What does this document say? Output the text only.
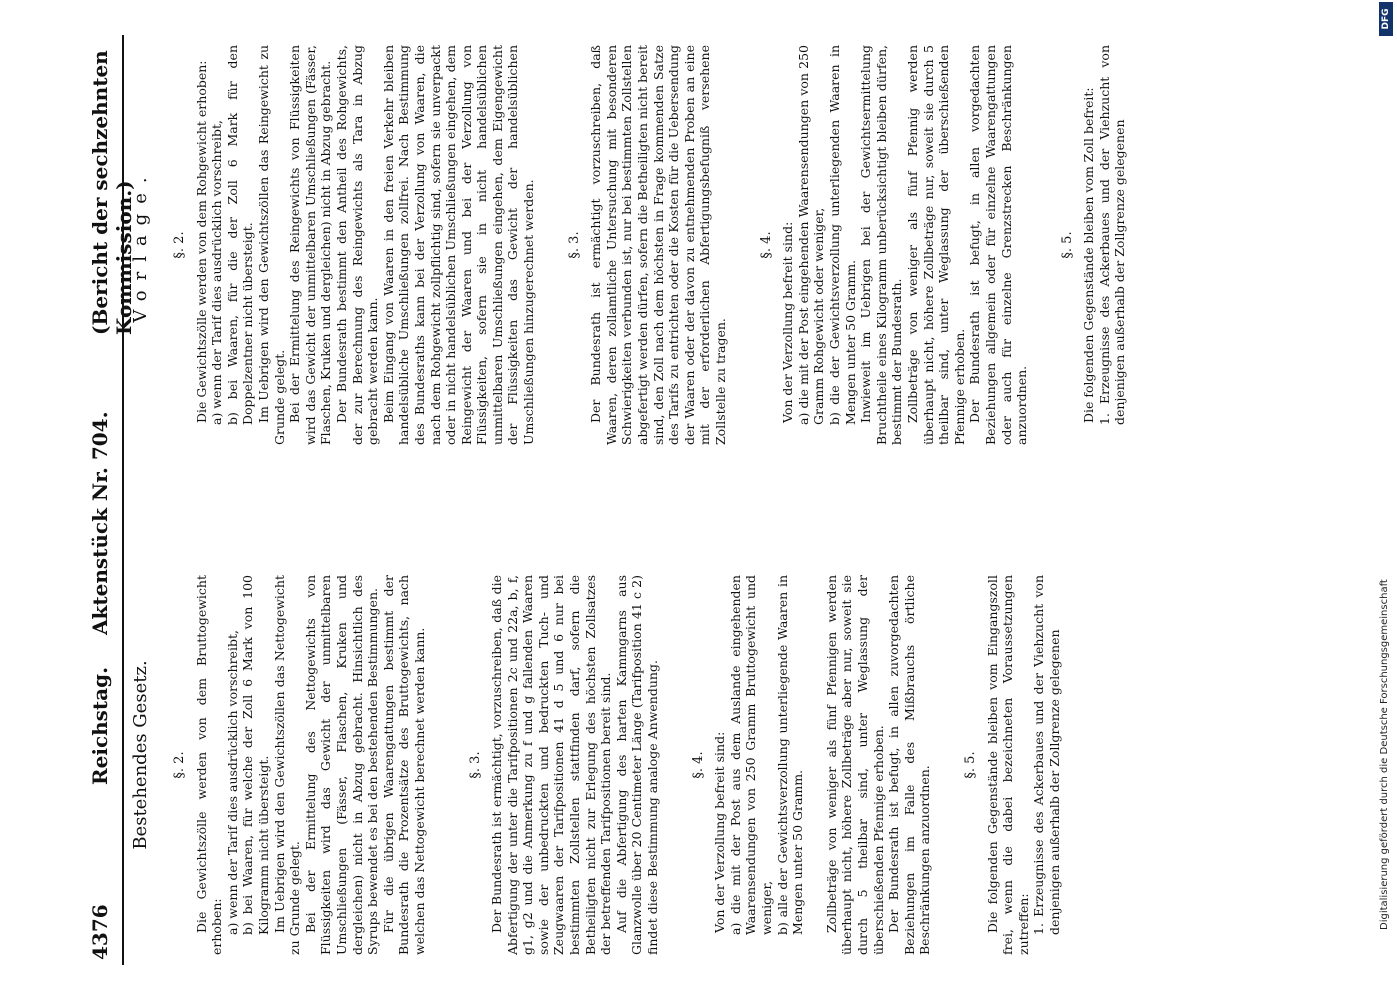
DFG
Digitalisierung gefördert durch die Deutsche Forschungsgemeinschaft
4376
Reichstag.
Aktenstück Nr. 704.
(Bericht der sechzehnten Kommission.)
Bestehendes Gesetz. §. 2. Die Gewichtszölle werden von dem Bruttogewicht erhoben: a) wenn der Tarif dies ausdrücklich vorschreibt, b) bei Waaren, für welche der Zoll 6 Mark von 100 Kilogramm nicht übersteigt. Im Uebrigen wird den Gewichtszöllen das Nettogewicht zu Grunde gelegt. Bei der Ermittelung des Nettogewichts von Flüssigkeiten wird das Gewicht der unmittelbaren Umschließungen (Fässer, Flaschen, Kruken und dergleichen) nicht in Abzug gebracht. Hinsichtlich des Syrups bewendet es bei den bestehenden Bestimmungen. Für die übrigen Waarengattungen bestimmt der Bundesrath die Prozentsätze des Bruttogewichts, nach welchen das Nettogewicht berechnet werden kann.	§. 3. Der Bundesrath ist ermächtigt, vorzuschreiben, daß die Abfertigung der unter die Tarifpositionen 2c und 22a, b, f, g1, g2 und die Anmerkung zu f und g fallenden Waaren sowie der unbedruckten und bedruckten Tuch- und Zeugwaaren der Tarifpositionen 41 d 5 und 6 nur bei bestimmten Zollstellen stattfinden darf, sofern die Betheiligten nicht zur Erlegung des höchsten Zollsatzes der betreffenden Tarifpositionen bereit sind. Auf die Abfertigung des harten Kammgarns aus Glanzwolle über 20 Centimeter Länge (Tarifposition 41 c 2) findet diese Bestimmung analoge Anwendung. §. 4. Von der Verzollung befreit sind: a) die mit der Post aus dem Auslande eingehenden Waarensendungen von 250 Gramm Bruttogewicht und weniger, b) alle der Gewichtsverzollung unterliegende Waaren in Mengen unter 50 Gramm. Zollbeträge von weniger als fünf Pfennigen werden überhaupt nicht, höhere Zollbeträge aber nur, soweit sie durch 5 theilbar sind, unter Weglassung der überschießenden Pfennige erhoben. Der Bundesrath ist befugt, in allen zuvorgedachten Beziehungen im Falle des Mißbrauchs örtliche Beschränkungen anzuordnen.

§. 5. Die folgenden Gegenstände bleiben vom Eingangszoll frei, wenn die dabei bezeichneten Voraussetzungen zutreffen: 1. Erzeugnisse des Ackerbaues und der Viehzucht von denjenigen außerhalb der Zollgrenze gelegenen

Vorlage. §. 2. Die Gewichtszölle werden von dem Rohgewicht erhoben: a) wenn der Tarif dies ausdrücklich vorschreibt, b) bei Waaren, für die der Zoll 6 Mark für den Doppelzentner nicht übersteigt. Im Uebrigen wird den Gewichtszöllen das Reingewicht zu Grunde gelegt. Bei der Ermittelung des Reingewichts von Flüssigkeiten wird das Gewicht der unmittelbaren Umschließungen (Fässer, Flaschen, Kruken und dergleichen) nicht in Abzug gebracht. Der Bundesrath bestimmt den Antheil des Rohgewichts, der zur Berechnung des Reingewichts als Tara in Abzug gebracht werden kann. Beim Eingang von Waaren in den freien Verkehr bleiben handelsübliche Umschließungen zollfrei. Nach Bestimmung des Bundesraths kann bei der Verzollung von Waaren, die nach dem Rohgewicht zollpflichtig sind, sofern sie unverpackt oder in nicht handelsüblichen Umschließungen eingehen, dem Reingewicht der Waaren und bei der Verzollung von Flüssigkeiten, sofern sie in nicht handelsüblichen unmittelbaren Umschließungen eingehen, dem Eigengewicht der Flüssigkeiten das Gewicht der handelsüblichen Umschließungen hinzugerechnet werden. §. 3. Der Bundesrath ist ermächtigt vorzuschreiben, daß Waaren, deren zollamtliche Untersuchung mit besonderen Schwierigkeiten verbunden ist, nur bei bestimmten Zollstellen abgefertigt werden dürfen, sofern die Betheiligten nicht bereit sind, den Zoll nach dem höchsten in Frage kommenden Satze des Tarifs zu entrichten oder die Kosten für die Uebersendung der Waaren oder der davon zu entnehmenden Proben an eine mit der erforderlichen Abfertigungsbefugniß versehene Zollstelle zu tragen.

§. 4. Von der Verzollung befreit sind: a) die mit der Post eingehenden Waarensendungen von 250 Gramm Rohgewicht oder weniger, b) die der Gewichtsverzollung unterliegenden Waaren in Mengen unter 50 Gramm. Inwieweit im Uebrigen bei der Gewichtsermittelung Bruchtheile eines Kilogramm unberücksichtigt bleiben dürfen, bestimmt der Bundesrath. Zollbeträge von weniger als fünf Pfennig werden überhaupt nicht, höhere Zollbeträge nur, soweit sie durch 5 theilbar sind, unter Weglassung der überschießenden Pfennige erhoben. Der Bundesrath ist befugt, in allen vorgedachten Beziehungen allgemein oder für einzelne Waarengattungen oder auch für einzelne Grenzstrecken Beschränkungen anzuordnen.

§. 5. Die folgenden Gegenstände bleiben vom Zoll befreit: 1. Erzeugnisse des Ackerbaues und der Viehzucht von denjenigen außerhalb der Zollgrenze gelegenen
